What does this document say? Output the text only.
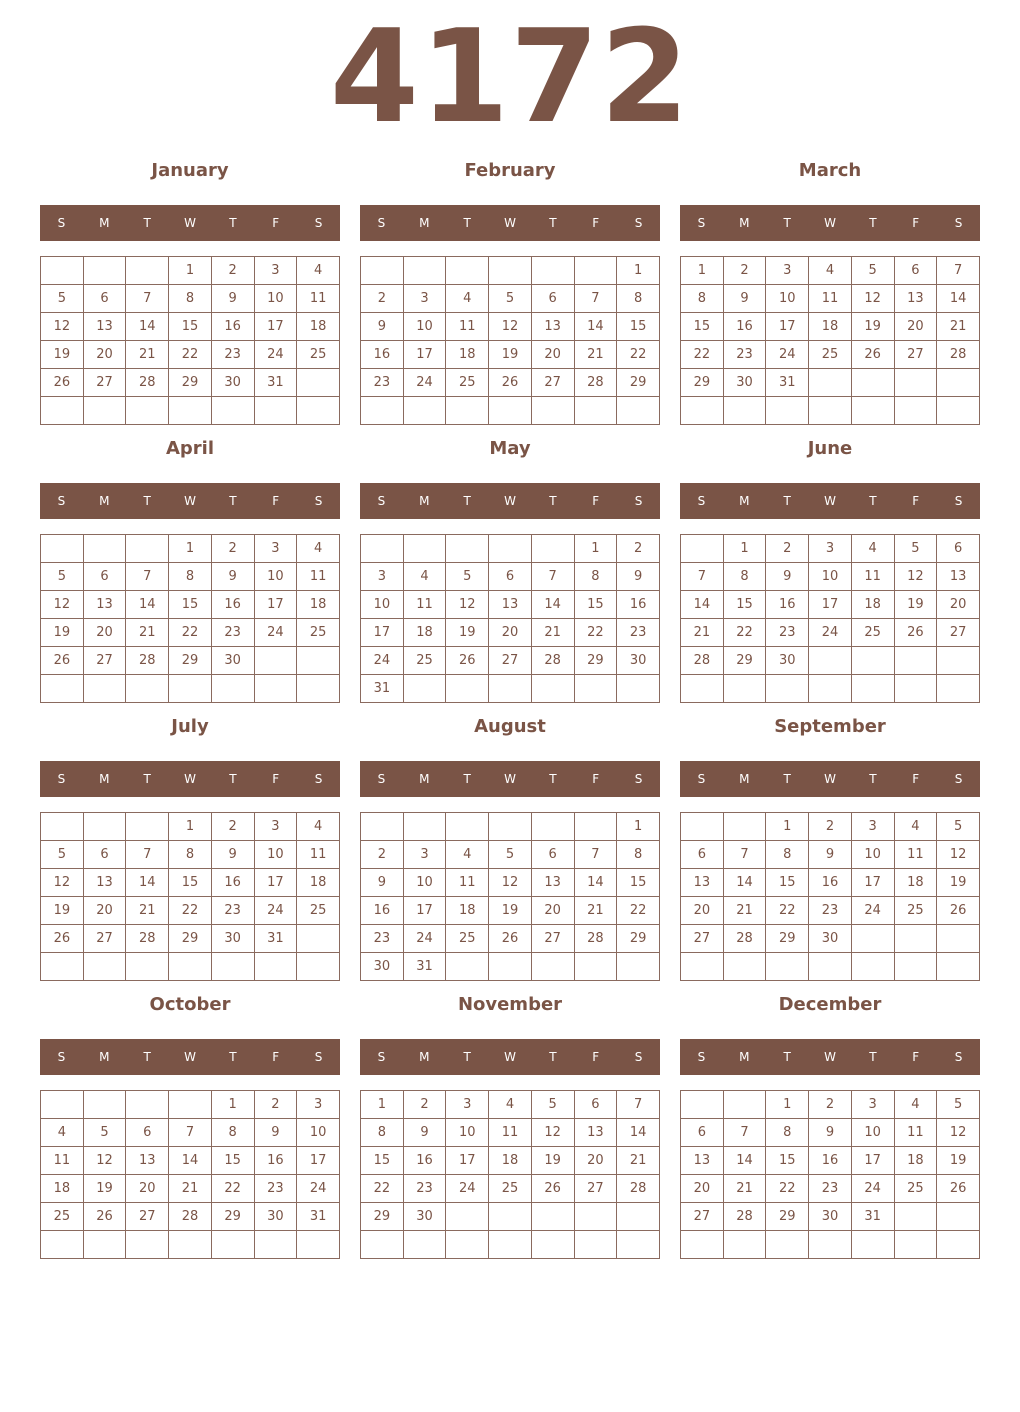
4172
January
S	M	T	W	T	F	S
			1	2	3	4
5	6	7	8	9	10	11
12	13	14	15	16	17	18
19	20	21	22	23	24	25
26	27	28	29	30	31	

February
S	M	T	W	T	F	S
						1
2	3	4	5	6	7	8
9	10	11	12	13	14	15
16	17	18	19	20	21	22
23	24	25	26	27	28	29

March
S	M	T	W	T	F	S
1	2	3	4	5	6	7
8	9	10	11	12	13	14
15	16	17	18	19	20	21
22	23	24	25	26	27	28
29	30	31				

April
S	M	T	W	T	F	S
			1	2	3	4
5	6	7	8	9	10	11
12	13	14	15	16	17	18
19	20	21	22	23	24	25
26	27	28	29	30		

May
S	M	T	W	T	F	S
					1	2
3	4	5	6	7	8	9
10	11	12	13	14	15	16
17	18	19	20	21	22	23
24	25	26	27	28	29	30
31						
June
S	M	T	W	T	F	S
	1	2	3	4	5	6
7	8	9	10	11	12	13
14	15	16	17	18	19	20
21	22	23	24	25	26	27
28	29	30				

July
S	M	T	W	T	F	S
			1	2	3	4
5	6	7	8	9	10	11
12	13	14	15	16	17	18
19	20	21	22	23	24	25
26	27	28	29	30	31	

August
S	M	T	W	T	F	S
						1
2	3	4	5	6	7	8
9	10	11	12	13	14	15
16	17	18	19	20	21	22
23	24	25	26	27	28	29
30	31					
September
S	M	T	W	T	F	S
		1	2	3	4	5
6	7	8	9	10	11	12
13	14	15	16	17	18	19
20	21	22	23	24	25	26
27	28	29	30			

October
S	M	T	W	T	F	S
				1	2	3
4	5	6	7	8	9	10
11	12	13	14	15	16	17
18	19	20	21	22	23	24
25	26	27	28	29	30	31

November
S	M	T	W	T	F	S
1	2	3	4	5	6	7
8	9	10	11	12	13	14
15	16	17	18	19	20	21
22	23	24	25	26	27	28
29	30					

December
S	M	T	W	T	F	S
		1	2	3	4	5
6	7	8	9	10	11	12
13	14	15	16	17	18	19
20	21	22	23	24	25	26
27	28	29	30	31		
